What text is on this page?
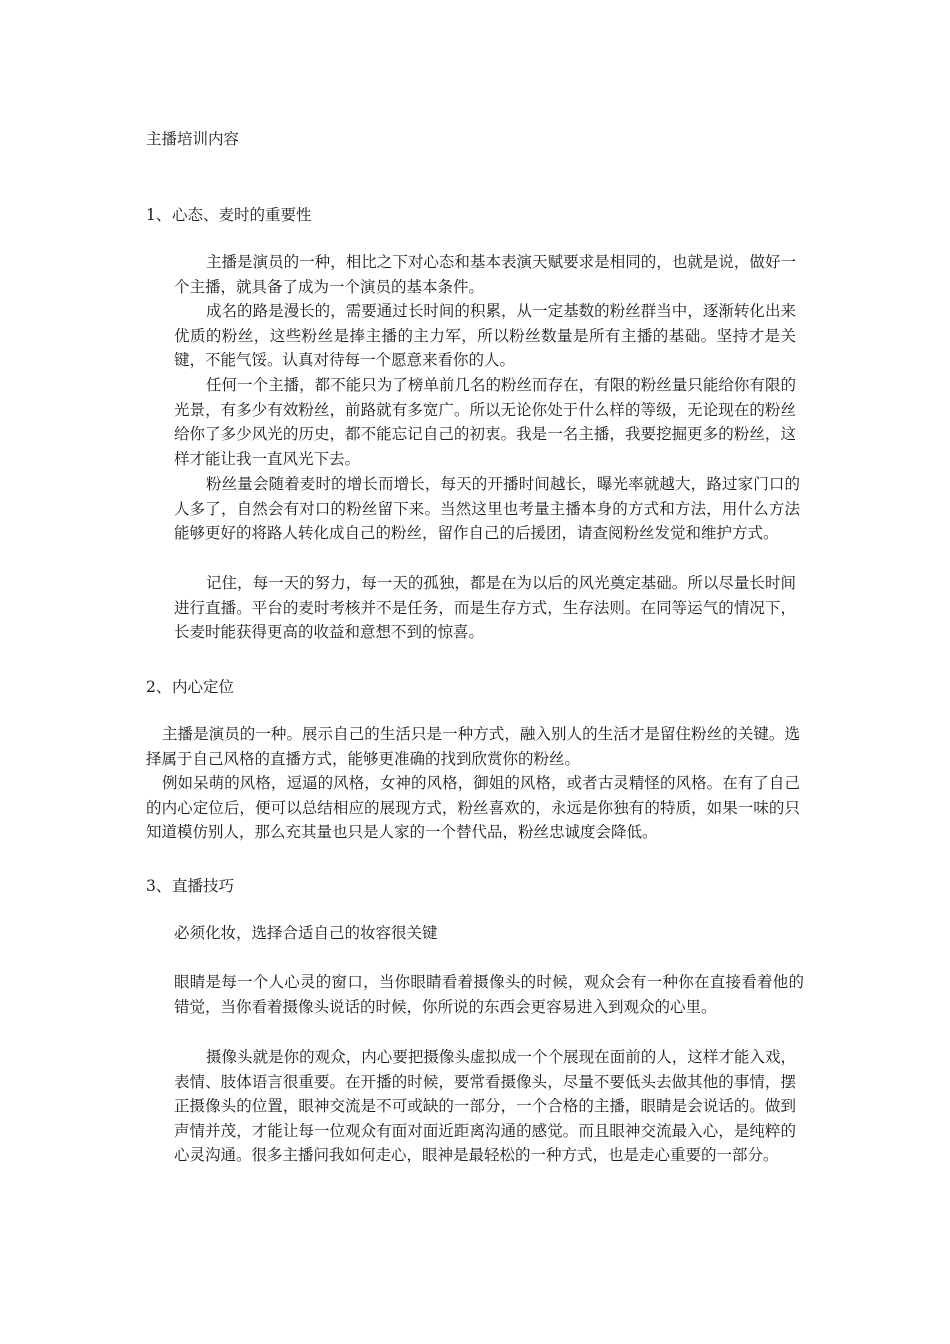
主播培训内容
1、心态、麦时的重要性

主播是演员的一种，相比之下对心态和基本表演天赋要求是相同的，也就是说，做好一个主播，就具备了成为一个演员的基本条件。

成名的路是漫长的，需要通过长时间的积累，从一定基数的粉丝群当中，逐渐转化出来优质的粉丝，这些粉丝是捧主播的主力军，所以粉丝数量是所有主播的基础。坚持才是关键，不能气馁。认真对待每一个愿意来看你的人。

任何一个主播，都不能只为了榜单前几名的粉丝而存在，有限的粉丝量只能给你有限的光景，有多少有效粉丝，前路就有多宽广。所以无论你处于什么样的等级，无论现在的粉丝给你了多少风光的历史，都不能忘记自己的初衷。我是一名主播，我要挖掘更多的粉丝，这样才能让我一直风光下去。

粉丝量会随着麦时的增长而增长，每天的开播时间越长，曝光率就越大，路过家门口的人多了，自然会有对口的粉丝留下来。当然这里也考量主播本身的方式和方法，用什么方法能够更好的将路人转化成自己的粉丝，留作自己的后援团，请查阅粉丝发觉和维护方式。

记住，每一天的努力，每一天的孤独，都是在为以后的风光奠定基础。所以尽量长时间进行直播。平台的麦时考核并不是任务，而是生存方式，生存法则。在同等运气的情况下，长麦时能获得更高的收益和意想不到的惊喜。

2、内心定位

主播是演员的一种。展示自己的生活只是一种方式，融入别人的生活才是留住粉丝的关键。选择属于自己风格的直播方式，能够更准确的找到欣赏你的粉丝。

例如呆萌的风格，逗逼的风格，女神的风格，御姐的风格，或者古灵精怪的风格。在有了自己的内心定位后，便可以总结相应的展现方式，粉丝喜欢的，永远是你独有的特质，如果一味的只知道模仿别人，那么充其量也只是人家的一个替代品，粉丝忠诚度会降低。

3、直播技巧

必须化妆，选择合适自己的妆容很关键

眼睛是每一个人心灵的窗口，当你眼睛看着摄像头的时候，观众会有一种你在直接看着他的错觉，当你看着摄像头说话的时候，你所说的东西会更容易进入到观众的心里。

摄像头就是你的观众，内心要把摄像头虚拟成一个个展现在面前的人，这样才能入戏，表情、肢体语言很重要。在开播的时候，要常看摄像头，尽量不要低头去做其他的事情，摆正摄像头的位置，眼神交流是不可或缺的一部分，一个合格的主播，眼睛是会说话的。做到声情并茂，才能让每一位观众有面对面近距离沟通的感觉。而且眼神交流最入心，是纯粹的心灵沟通。很多主播问我如何走心，眼神是最轻松的一种方式，也是走心重要的一部分。
